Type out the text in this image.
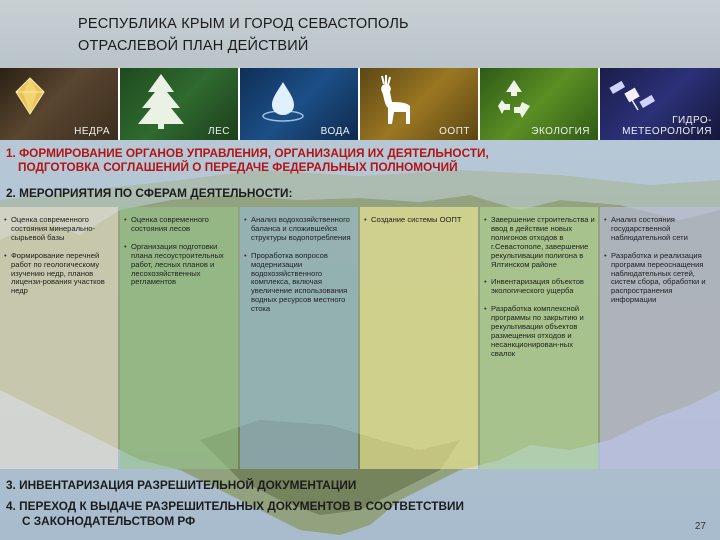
РЕСПУБЛИКА КРЫМ И ГОРОД СЕВАСТОПОЛЬ
ОТРАСЛЕВОЙ ПЛАН ДЕЙСТВИЙ
НЕДРА	ЛЕС	ВОДА	ООПТ	ЭКОЛОГИЯ
ГИДРО-
МЕТЕОРОЛОГИЯ
1. ФОРМИРОВАНИЕ ОРГАНОВ УПРАВЛЕНИЯ, ОРГАНИЗАЦИЯ ИХ ДЕЯТЕЛЬНОСТИ,
ПОДГОТОВКА СОГЛАШЕНИЙ О ПЕРЕДАЧЕ ФЕДЕРАЛЬНЫХ ПОЛНОМОЧИЙ
2. МЕРОПРИЯТИЯ ПО СФЕРАМ ДЕЯТЕЛЬНОСТИ:
• Оценка современного состояния минерально-сырьевой базы
• Формирование перечней работ по геологическому изучению недр, планов лицензи-рования участков недр
• Оценка современного состояния лесов
• Организация подготовки плана лесоустроительных работ, лесных планов и лесохозяйственных регламентов
• Анализ водохозяйственного баланса и сложившейся структуры водопотребления
• Проработка вопросов модернизации водохозяйственного комплекса, включая увеличение использования водных ресурсов местного стока
• Создание системы ООПТ
•	Завершение строительства и ввод в действие новых полигонов отходов в г.Севастополе, завершение рекультивации полигона в Ялтинском районе
• Инвентаризация объектов экологического ущерба
• Разработка комплексной программы по закрытию и рекультивации объектов размещения отходов и несанкционирован-ных свалок
• Анализ состояния государственной наблюдательной сети
• Разработка и реализация программ переоснащения наблюдательных сетей, систем сбора, обработки и распространения информации
3. ИНВЕНТАРИЗАЦИЯ РАЗРЕШИТЕЛЬНОЙ ДОКУМЕНТАЦИИ
4. ПЕРЕХОД К ВЫДАЧЕ РАЗРЕШИТЕЛЬНЫХ ДОКУМЕНТОВ В СООТВЕТСТВИИ
С ЗАКОНОДАТЕЛЬСТВОМ РФ	27
